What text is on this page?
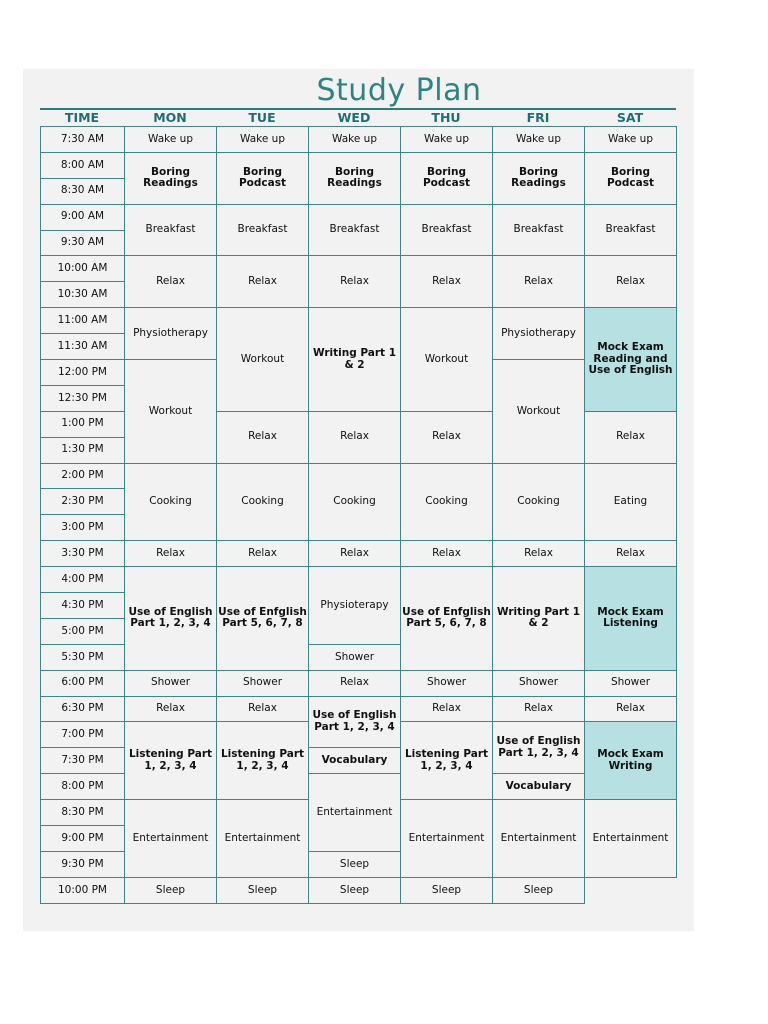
Study Plan
TIME	MON	TUE	WED	THU	FRI	SAT
7:30 AM	Wake up	Wake up	Wake up	Wake up	Wake up	Wake up
8:00 AM	Boring Readings	Boring Podcast	Boring Readings	Boring Podcast	Boring Readings	Boring Podcast
8:30 AM						
9:00 AM	Breakfast	Breakfast	Breakfast	Breakfast	Breakfast	Breakfast
9:30 AM						
10:00 AM	Relax	Relax	Relax	Relax	Relax	Relax
10:30 AM						
11:00 AM	Physiotherapy	Workout	Writing Part 1 & 2	Workout	Physiotherapy	Mock Exam Reading and Use of English
11:30 AM						
12:00 PM	Workout				Workout	
12:30 PM						
1:00 PM		Relax	Relax	Relax		Relax
1:30 PM						
2:00 PM	Cooking	Cooking	Cooking	Cooking	Cooking	Eating
2:30 PM						
3:00 PM						
3:30 PM	Relax	Relax	Relax	Relax	Relax	Relax
4:00 PM	Use of English Part 1, 2, 3, 4	Use of Enfglish Part 5, 6, 7, 8	Physioterapy	Use of Enfglish Part 5, 6, 7, 8	Writing Part 1 & 2	Mock Exam Listening
4:30 PM						
5:00 PM						
5:30 PM			Shower			
6:00 PM	Shower	Shower	Relax	Shower	Shower	Shower
6:30 PM	Relax	Relax	Use of English Part 1, 2, 3, 4	Relax	Relax	Relax
7:00 PM	Listening Part 1, 2, 3, 4	Listening Part 1, 2, 3, 4		Listening Part 1, 2, 3, 4	Use of English Part 1, 2, 3, 4	Mock Exam Writing
7:30 PM			Vocabulary			
8:00 PM			Entertainment		Vocabulary	
8:30 PM	Entertainment	Entertainment		Entertainment	Entertainment	Entertainment
9:00 PM						
9:30 PM			Sleep			
10:00 PM	Sleep	Sleep	Sleep	Sleep	Sleep	
